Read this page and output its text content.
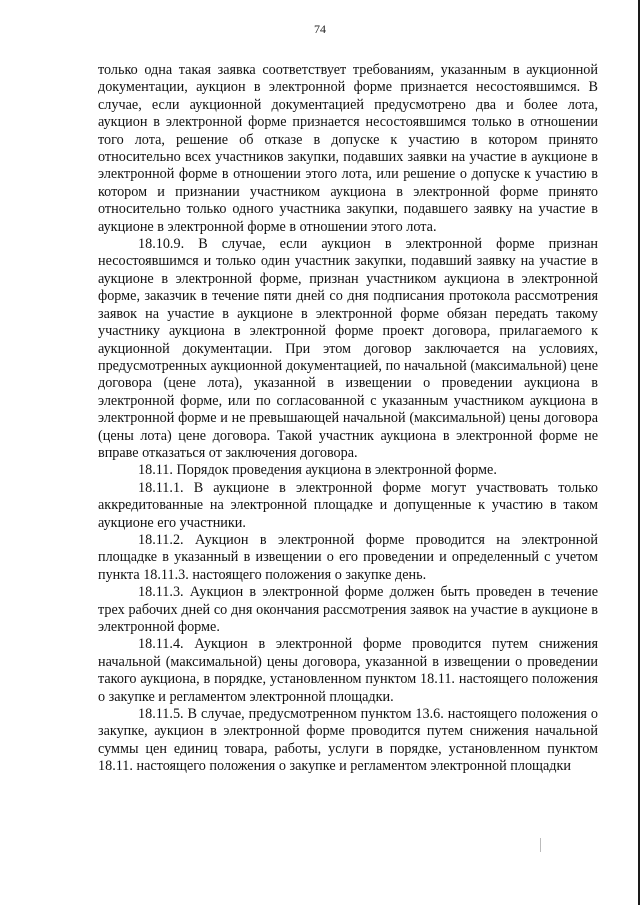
74

только одна такая заявка соответствует требованиям, указанным в аукционной документации, аукцион в электронной форме признается несостоявшимся. В случае, если аукционной документацией предусмотрено два и более лота, аукцион в электронной форме признается несостоявшимся только в отношении того лота, решение об отказе в допуске к участию в котором принято относительно всех участников закупки, подавших заявки на участие в аукционе в электронной форме в отношении этого лота, или решение о допуске к участию в котором и признании участником аукциона в электронной форме принято относительно только одного участника закупки, подавшего заявку на участие в аукционе в электронной форме в отношении этого лота.

18.10.9. В случае, если аукцион в электронной форме признан несостоявшимся и только один участник закупки, подавший заявку на участие в аукционе в электронной форме, признан участником аукциона в электронной форме, заказчик в течение пяти дней со дня подписания протокола рассмотрения заявок на участие в аукционе в электронной форме обязан передать такому участнику аукциона в электронной форме проект договора, прилагаемого к аукционной документации. При этом договор заключается на условиях, предусмотренных аукционной документацией, по начальной (максимальной) цене договора (цене лота), указанной в извещении о проведении аукциона в электронной форме, или по согласованной с указанным участником аукциона в электронной форме и не превышающей начальной (максимальной) цены договора (цены лота) цене договора. Такой участник аукциона в электронной форме не вправе отказаться от заключения договора.

18.11. Порядок проведения аукциона в электронной форме.

18.11.1. В аукционе в электронной форме могут участвовать только аккредитованные на электронной площадке и допущенные к участию в таком аукционе его участники.

18.11.2. Аукцион в электронной форме проводится на электронной площадке в указанный в извещении о его проведении и определенный с учетом пункта 18.11.3. настоящего положения о закупке день.

18.11.3. Аукцион в электронной форме должен быть проведен в течение трех рабочих дней со дня окончания рассмотрения заявок на участие в аукционе в электронной форме.

18.11.4. Аукцион в электронной форме проводится путем снижения начальной (максимальной) цены договора, указанной в извещении о проведении такого аукциона, в порядке, установленном пунктом 18.11. настоящего положения о закупке и регламентом электронной площадки.

18.11.5. В случае, предусмотренном пунктом 13.6. настоящего положения о закупке, аукцион в электронной форме проводится путем снижения начальной суммы цен единиц товара, работы, услуги в порядке, установленном пунктом 18.11. настоящего положения о закупке и регламентом электронной площадки
